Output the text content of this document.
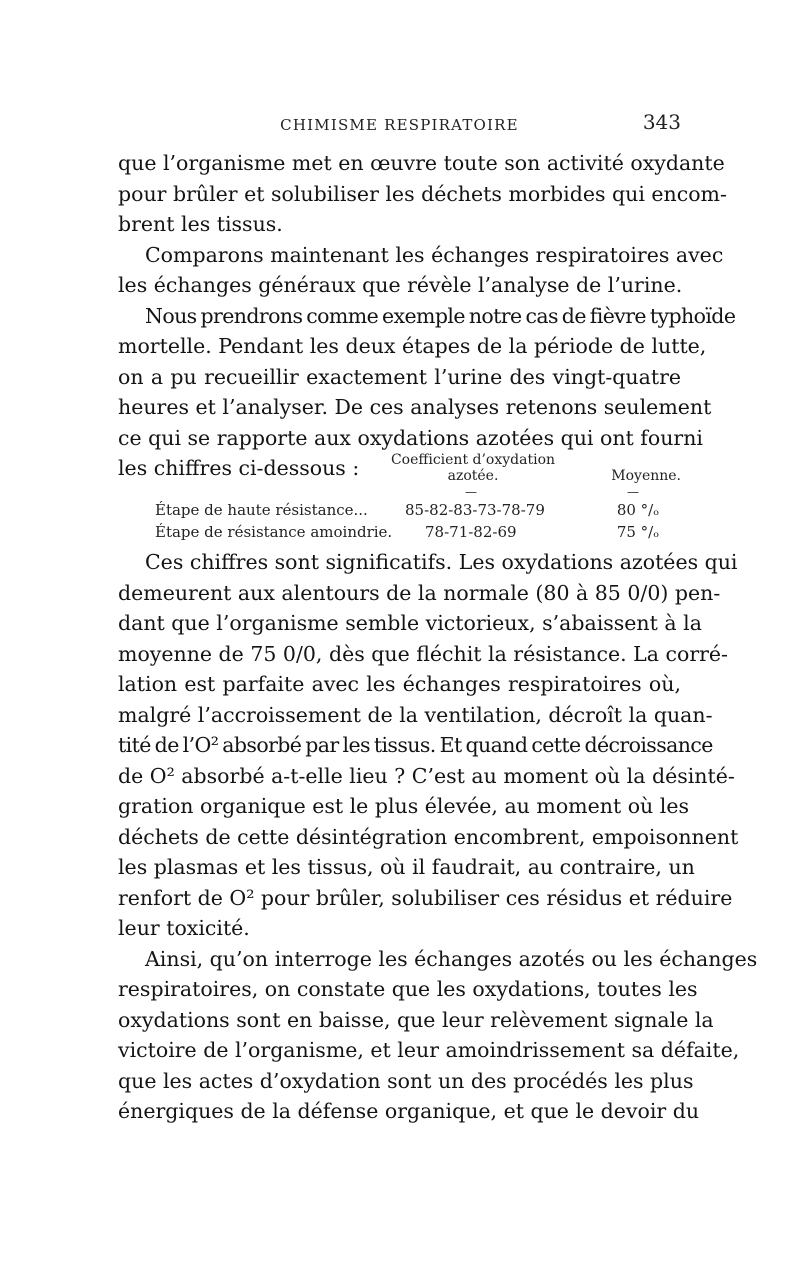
CHIMISME RESPIRATOIRE	343
que l’organisme met en œuvre toute son activité oxydante
pour brûler et solubiliser les déchets morbides qui encom-
brent les tissus.
Comparons maintenant les échanges respiratoires avec
les échanges généraux que révèle l’analyse de l’urine.
Nous prendrons comme exemple notre cas de fièvre typhoïde
mortelle. Pendant les deux étapes de la période de lutte,
on a pu recueillir exactement l’urine des vingt-quatre
heures et l’analyser. De ces analyses retenons seulement
ce qui se rapporte aux oxydations azotées qui ont fourni
les chiffres ci-dessous :	Coefficient d’oxydation
azotée.	Moyenne.
—	—
Étape de haute résistance... 85-82-83-73-78-79	80 °/ₒ
Étape de résistance amoindrie. 78-71-82-69	75 °/ₒ
Ces chiffres sont significatifs. Les oxydations azotées qui
demeurent aux alentours de la normale (80 à 85 0/0) pen-
dant que l’organisme semble victorieux, s’abaissent à la
moyenne de 75 0/0, dès que fléchit la résistance. La corré-
lation est parfaite avec les échanges respiratoires où,
malgré l’accroissement de la ventilation, décroît la quan-
tité de l’O² absorbé par les tissus. Et quand cette décroissance
de O² absorbé a-t-elle lieu ? C’est au moment où la désinté-
gration organique est le plus élevée, au moment où les
déchets de cette désintégration encombrent, empoisonnent
les plasmas et les tissus, où il faudrait, au contraire, un
renfort de O² pour brûler, solubiliser ces résidus et réduire
leur toxicité.
Ainsi, qu’on interroge les échanges azotés ou les échanges
respiratoires, on constate que les oxydations, toutes les
oxydations sont en baisse, que leur relèvement signale la
victoire de l’organisme, et leur amoindrissement sa défaite,
que les actes d’oxydation sont un des procédés les plus
énergiques de la défense organique, et que le devoir du
